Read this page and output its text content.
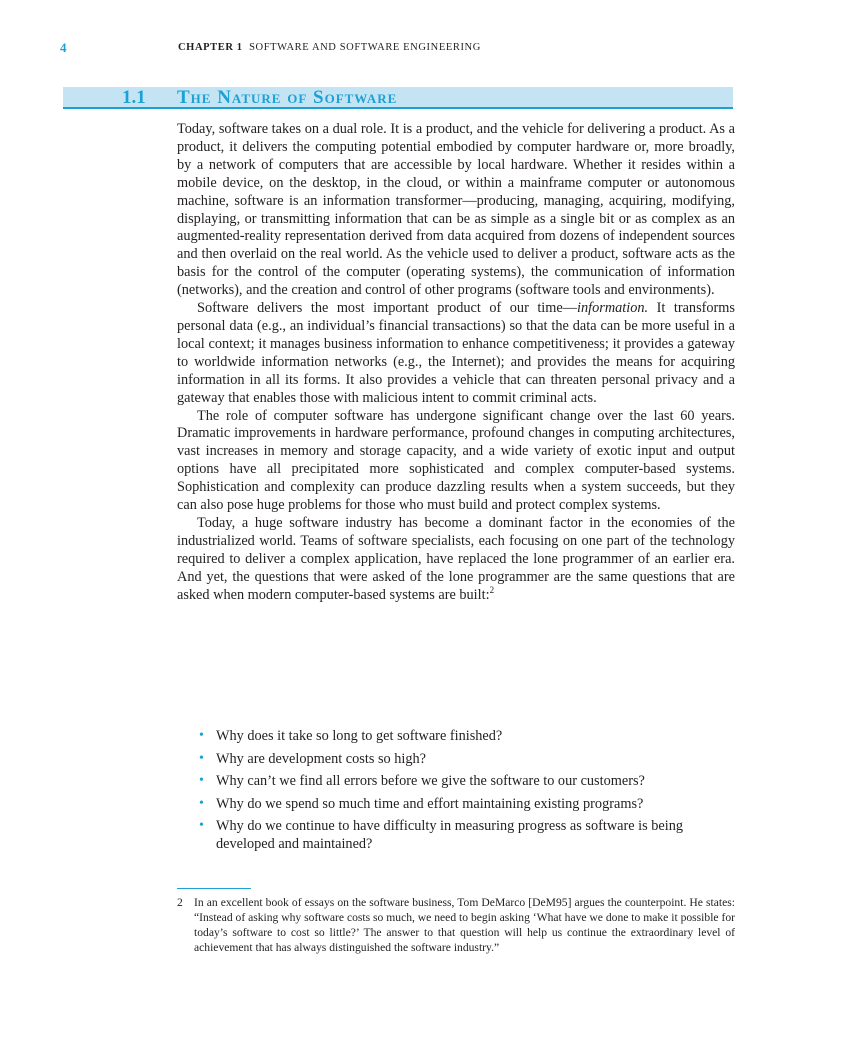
4	CHAPTER 1 SOFTWARE AND SOFTWARE ENGINEERING
1.1 The Nature of Software

Today, software takes on a dual role. It is a product, and the vehicle for delivering a product. As a product, it delivers the computing potential embodied by computer hardware or, more broadly, by a network of computers that are accessible by local hardware. Whether it resides within a mobile device, on the desktop, in the cloud, or within a mainframe computer or autonomous machine, software is an information transformer—producing, managing, acquiring, modifying, displaying, or transmitting information that can be as simple as a single bit or as complex as an augmented-reality representation derived from data acquired from dozens of independent sources and then overlaid on the real world. As the vehicle used to deliver a product, software acts as the basis for the control of the computer (operating systems), the communication of information (networks), and the creation and control of other programs (software tools and environments).

Software delivers the most important product of our time—information. It transforms personal data (e.g., an individual’s financial transactions) so that the data can be more useful in a local context; it manages business information to enhance competitiveness; it provides a gateway to worldwide information networks (e.g., the Internet); and provides the means for acquiring information in all its forms. It also provides a vehicle that can threaten personal privacy and a gateway that enables those with malicious intent to commit criminal acts.

The role of computer software has undergone significant change over the last 60 years. Dramatic improvements in hardware performance, profound changes in computing architectures, vast increases in memory and storage capacity, and a wide variety of exotic input and output options have all precipitated more sophisticated and complex computer-based systems. Sophistication and complexity can produce dazzling results when a system succeeds, but they can also pose huge problems for those who must build and protect complex systems.

Today, a huge software industry has become a dominant factor in the economies of the industrialized world. Teams of software specialists, each focusing on one part of the technology required to deliver a complex application, have replaced the lone programmer of an earlier era. And yet, the questions that were asked of the lone programmer are the same questions that are asked when modern computer-based systems are built:$^2$

• Why does it take so long to get software finished?
• Why are development costs so high?
• Why can’t we find all errors before we give the software to our customers?
• Why do we spend so much time and effort maintaining existing programs?
• Why do we continue to have difficulty in measuring progress as software is being developed and maintained?
2 In an excellent book of essays on the software business, Tom DeMarco [DeM95] argues the counterpoint. He states: “Instead of asking why software costs so much, we need to begin asking ‘What have we done to make it possible for today’s software to cost so little?’ The answer to that question will help us continue the extraordinary level of achievement that has always distinguished the software industry.”
